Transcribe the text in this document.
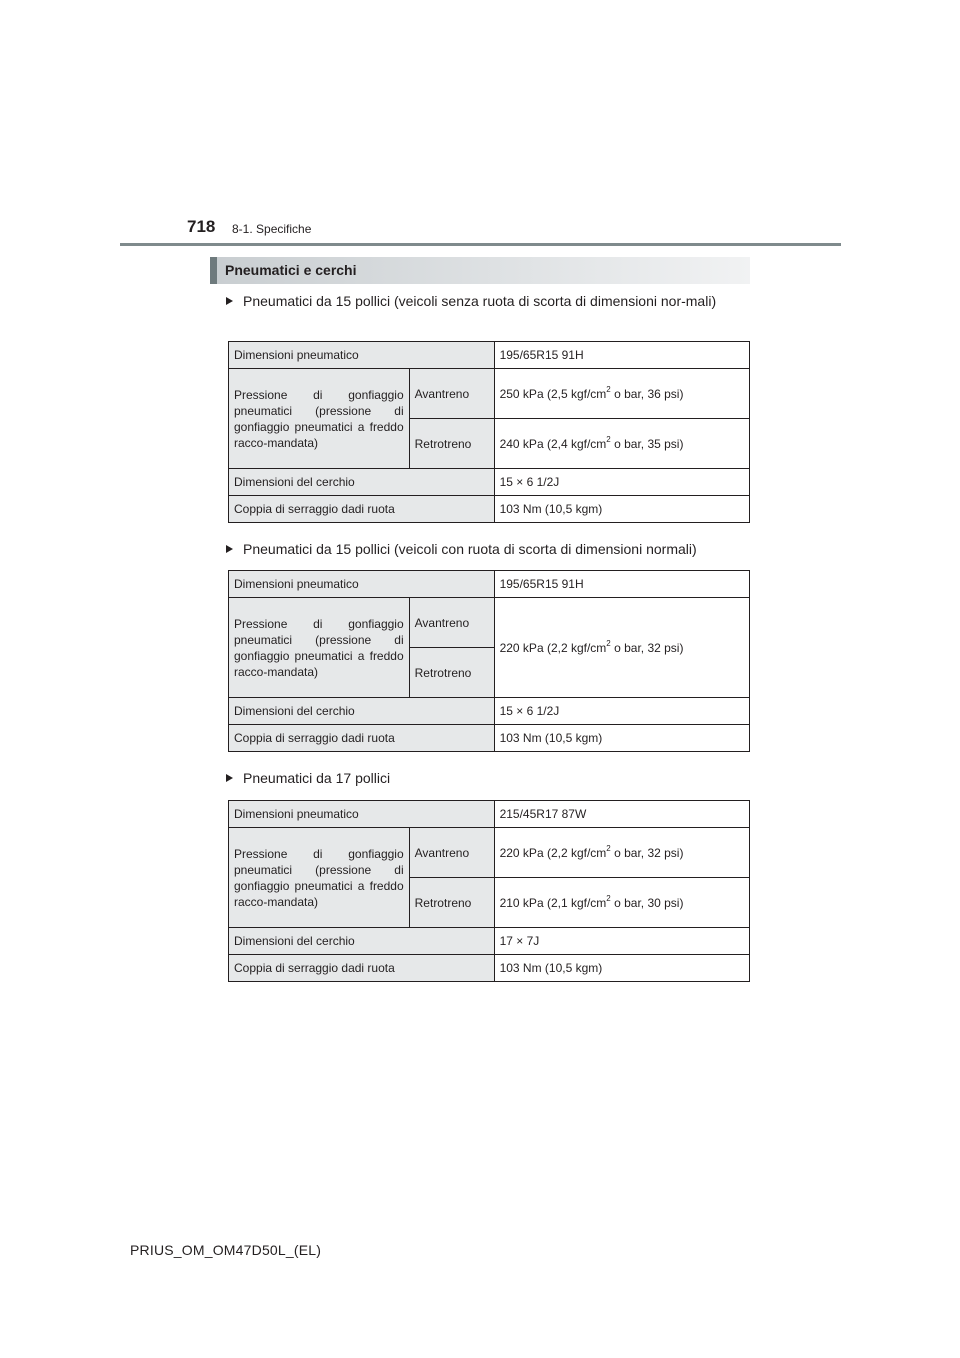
718 8-1. Specifiche
Pneumatici e cerchi
Pneumatici da 15 pollici (veicoli senza ruota di scorta di dimensioni nor-mali)
Dimensioni pneumatico		195/65R15 91H
Pressione di gonfiaggio pneumatici (pressione di gonfiaggio pneumatici a freddo racco-mandata)	Avantreno	250 kPa (2,5 kgf/$cm^2$ o bar, 36 psi)
	Retrotreno	240 kPa (2,4 kgf/$cm^2$ o bar, 35 psi)
Dimensioni del cerchio		15 × 6 1/2J
Coppia di serraggio dadi ruota		103 Nm (10,5 kgm)
Pneumatici da 15 pollici (veicoli con ruota di scorta di dimensioni normali)
Dimensioni pneumatico		195/65R15 91H
Pressione di gonfiaggio pneumatici (pressione di gonfiaggio pneumatici a freddo racco-mandata)	Avantreno	220 kPa (2,2 kgf/$cm^2$ o bar, 32 psi)
	Retrotreno	
Dimensioni del cerchio		15 × 6 1/2J
Coppia di serraggio dadi ruota		103 Nm (10,5 kgm)
Pneumatici da 17 pollici
Dimensioni pneumatico		215/45R17 87W
Pressione di gonfiaggio pneumatici (pressione di gonfiaggio pneumatici a freddo racco-mandata)	Avantreno	220 kPa (2,2 kgf/$cm^2$ o bar, 32 psi)
	Retrotreno	210 kPa (2,1 kgf/$cm^2$ o bar, 30 psi)
Dimensioni del cerchio		17 × 7J
Coppia di serraggio dadi ruota		103 Nm (10,5 kgm)
PRIUS_OM_OM47D50L_(EL)
